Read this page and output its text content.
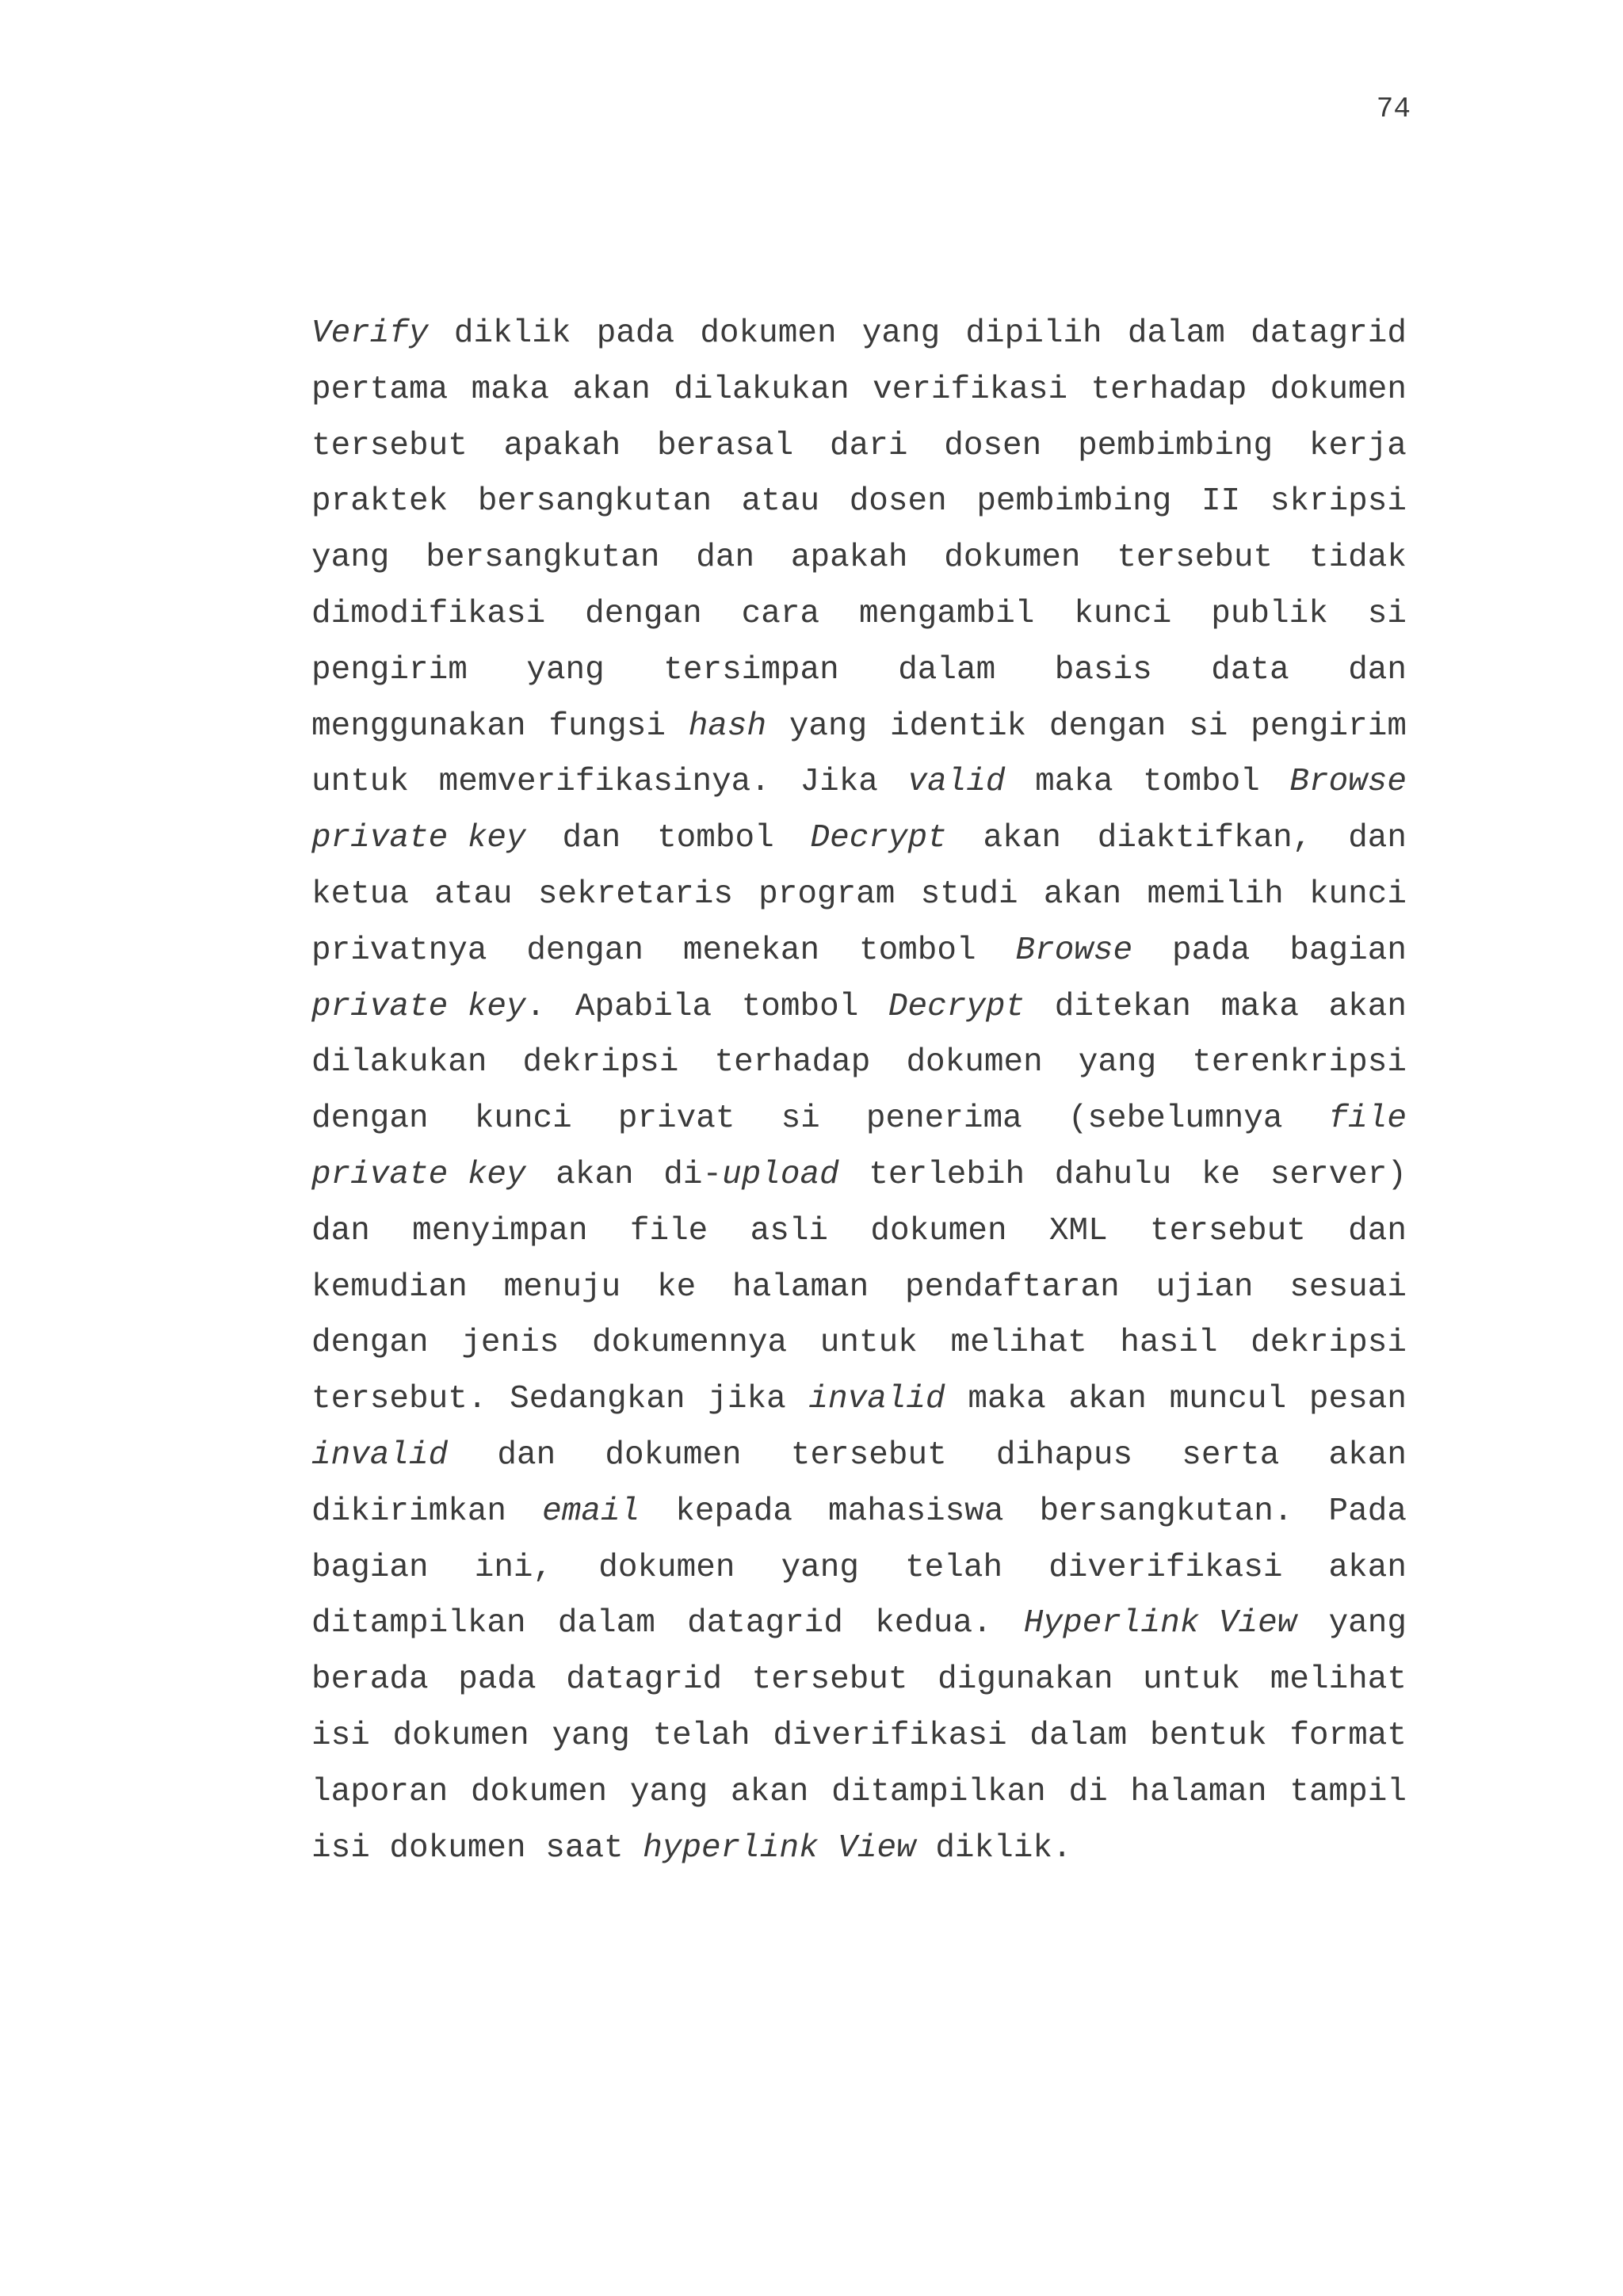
74
Verify diklik pada dokumen yang dipilih dalam datagrid
pertama maka akan dilakukan verifikasi terhadap dokumen
tersebut apakah berasal dari dosen pembimbing kerja
praktek bersangkutan atau dosen pembimbing II skripsi
yang bersangkutan dan apakah dokumen tersebut tidak
dimodifikasi dengan cara mengambil kunci publik si
pengirim yang tersimpan dalam basis data dan
menggunakan fungsi hash yang identik dengan si pengirim
untuk memverifikasinya. Jika valid maka tombol Browse
private key dan tombol Decrypt akan diaktifkan, dan
ketua atau sekretaris program studi akan memilih kunci
privatnya dengan menekan tombol Browse pada bagian
private key. Apabila tombol Decrypt ditekan maka akan
dilakukan dekripsi terhadap dokumen yang terenkripsi
dengan kunci privat si penerima (sebelumnya file
private key akan di-upload terlebih dahulu ke server)
dan menyimpan file asli dokumen XML tersebut dan
kemudian menuju ke halaman pendaftaran ujian sesuai
dengan jenis dokumennya untuk melihat hasil dekripsi
tersebut. Sedangkan jika invalid maka akan muncul pesan
invalid dan dokumen tersebut dihapus serta akan
dikirimkan email kepada mahasiswa bersangkutan. Pada
bagian ini, dokumen yang telah diverifikasi akan
ditampilkan dalam datagrid kedua. Hyperlink View yang
berada pada datagrid tersebut digunakan untuk melihat
isi dokumen yang telah diverifikasi dalam bentuk format
laporan dokumen yang akan ditampilkan di halaman tampil
isi dokumen saat hyperlink View diklik.
